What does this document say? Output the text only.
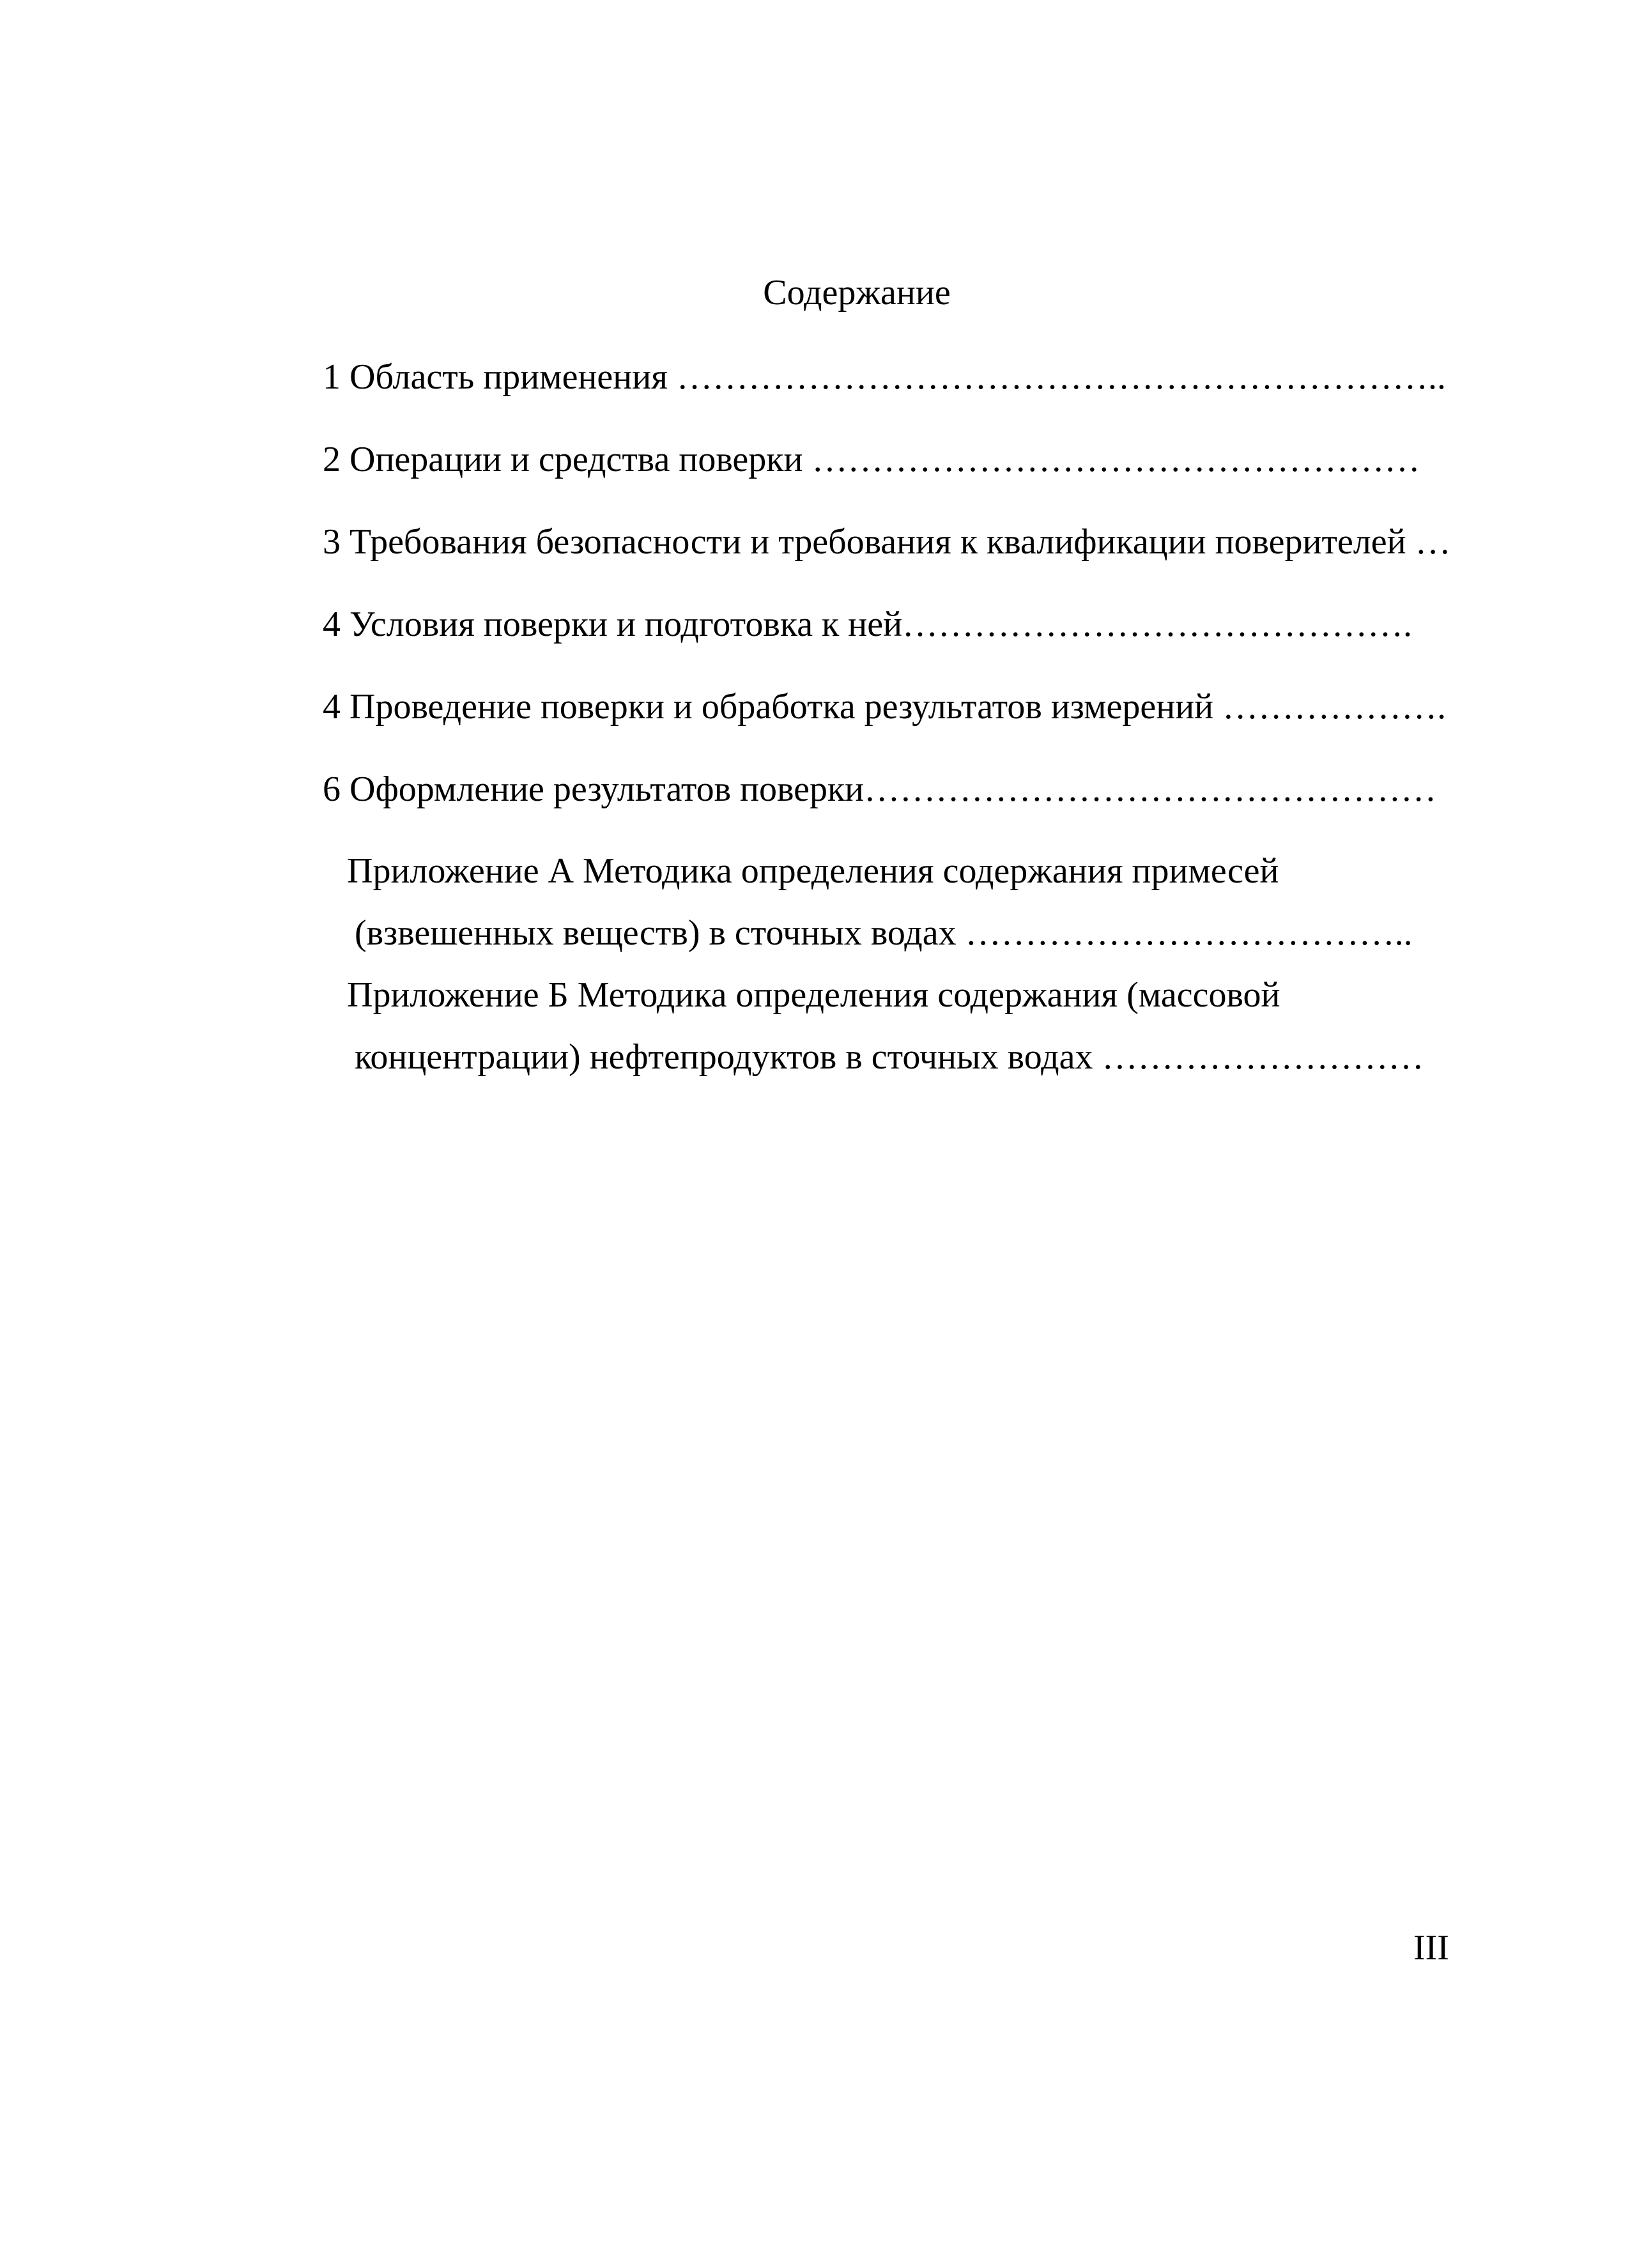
Содержание
1 Область применения ………………………………………………………..
2 Операции и средства поверки ……………………………………………
3 Требования безопасности и требования к квалификации поверителей …
4 Условия поверки и подготовка к ней…………………………………….
4 Проведение поверки и обработка результатов измерений ……………….
6 Оформление результатов поверки…………………………………………
Приложение А Методика определения содержания примесей
(взвешенных веществ) в сточных водах ………………………………..
Приложение Б Методика определения содержания (массовой
концентрации) нефтепродуктов в сточных водах ………………………
III
